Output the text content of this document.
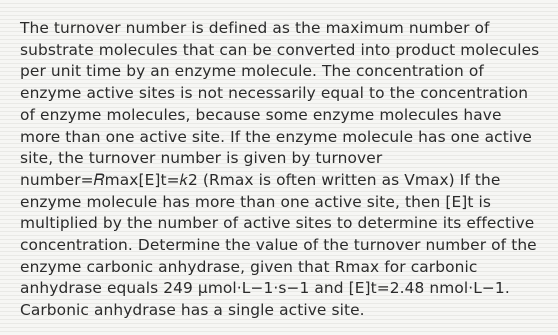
The turnover number is defined as the maximum number of substrate molecules that can be converted into product molecules per unit time by an enzyme molecule. The concentration of enzyme active sites is not necessarily equal to the concentration of enzyme molecules, because some enzyme molecules have more than one active site. If the enzyme molecule has one active site, the turnover number is given by turnover number=𝑅max[E]t=𝑘2 (Rmax is often written as Vmax) If the enzyme molecule has more than one active site, then [E]t is multiplied by the number of active sites to determine its effective concentration. Determine the value of the turnover number of the enzyme carbonic anhydrase, given that Rmax for carbonic anhydrase equals 249 µmol·L−1·s−1 and [E]t=2.48 nmol·L−1. Carbonic anhydrase has a single active site.
